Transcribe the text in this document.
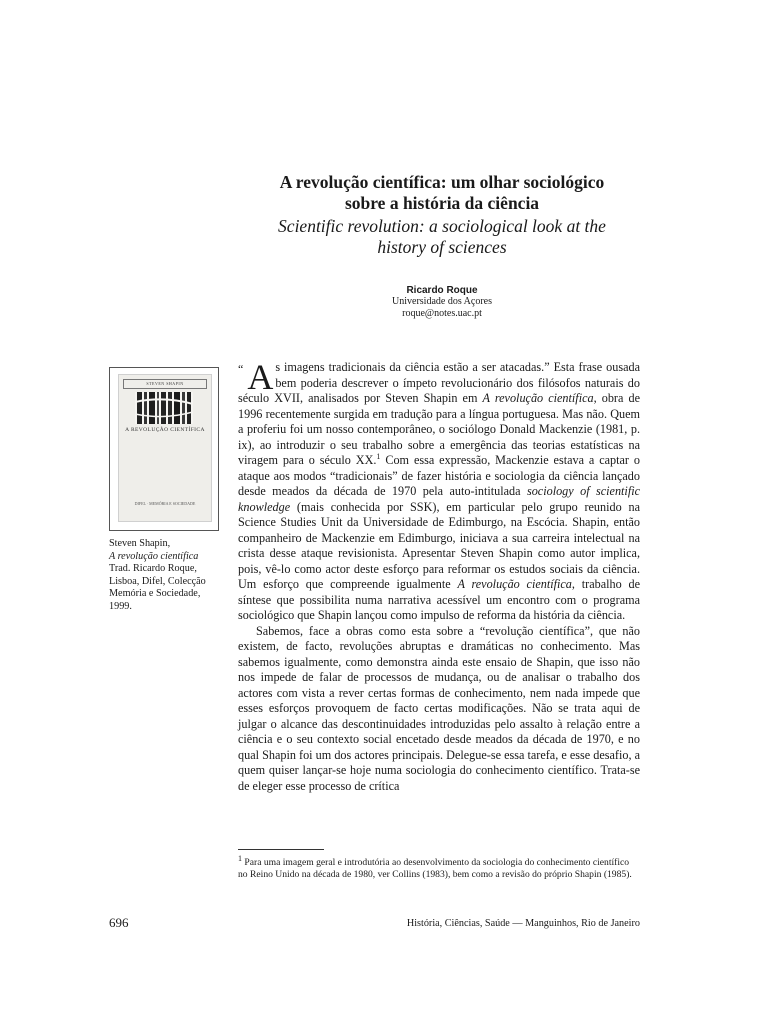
A revolução científica: um olhar sociológico
sobre a história da ciência
Scientific revolution: a sociological look at the
history of sciences
Ricardo Roque
Universidade dos Açores
roque@notes.uac.pt
STEVEN SHAPIN
A REVOLUÇÃO CIENTÍFICA
DIFEL · MEMÓRIA E SOCIEDADE
Steven Shapin,
A revolução científica
Trad. Ricardo Roque,
Lisboa, Difel, Colecção
Memória e Sociedade,
1999.

“ A s imagens tradicionais da ciência estão a ser atacadas.” Esta frase ousada bem poderia descrever o ímpeto revolucionário dos filósofos naturais do século XVII, analisados por Steven Shapin em A revolução científica, obra de 1996 recentemente surgida em tradução para a língua portuguesa. Mas não. Quem a proferiu foi um nosso contemporâneo, o sociólogo Donald Mackenzie (1981, p. ix), ao introduzir o seu trabalho sobre a emergência das teorias estatísticas na viragem para o século XX.$^1$ Com essa expressão, Mackenzie estava a captar o ataque aos modos “tradicionais” de fazer história e sociologia da ciência lançado desde meados da década de 1970 pela auto-intitulada sociology of scientific knowledge (mais conhecida por SSK), em particular pelo grupo reunido na Science Studies Unit da Universidade de Edimburgo, na Escócia. Shapin, então companheiro de Mackenzie em Edimburgo, iniciava a sua carreira intelectual na crista desse ataque revisionista. Apresentar Steven Shapin como autor implica, pois, vê-lo como actor deste esforço para reformar os estudos sociais da ciência. Um esforço que compreende igualmente A revolução científica, trabalho de síntese que possibilita numa narrativa acessível um encontro com o programa sociológico que Shapin lançou como impulso de reforma da história da ciência.

Sabemos, face a obras como esta sobre a “revolução científica”, que não existem, de facto, revoluções abruptas e dramáticas no conhecimento. Mas sabemos igualmente, como demonstra ainda este ensaio de Shapin, que isso não nos impede de falar de processos de mudança, ou de analisar o trabalho dos actores com vista a rever certas formas de conhecimento, nem nada impede que esses esforços provoquem de facto certas modificações. Não se trata aqui de julgar o alcance das descontinuidades introduzidas pelo assalto à relação entre a ciência e o seu contexto social encetado desde meados da década de 1970, e no qual Shapin foi um dos actores principais. Delegue-se essa tarefa, e esse desafio, a quem quiser lançar-se hoje numa sociologia do conhecimento científico. Trata-se de eleger esse processo de crítica

$^1$ Para uma imagem geral e introdutória ao desenvolvimento da sociologia do conhecimento científico no Reino Unido na década de 1980, ver Collins (1983), bem como a revisão do próprio Shapin (1985).
696	História, Ciências, Saúde — Manguinhos, Rio de Janeiro
